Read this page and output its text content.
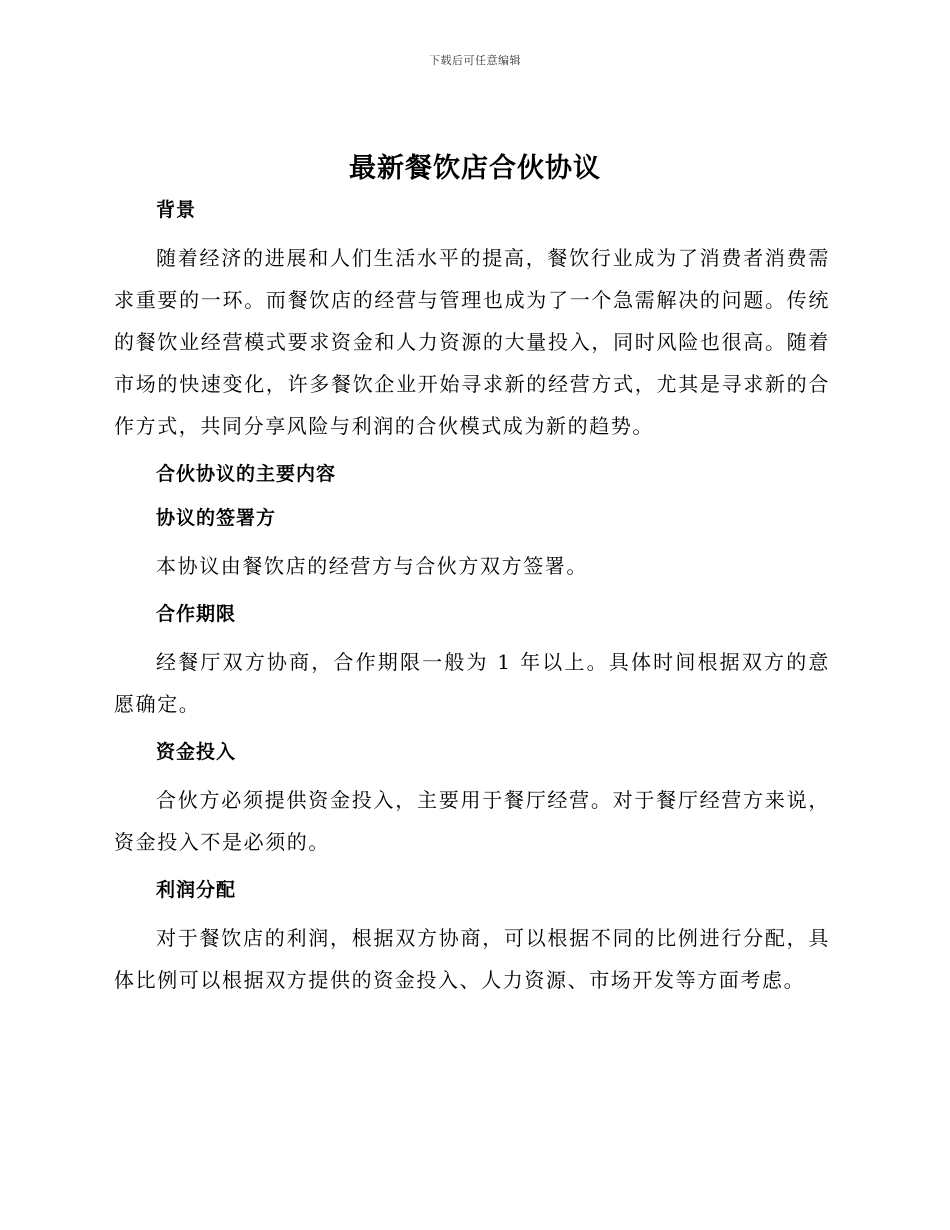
下载后可任意编辑
最新餐饮店合伙协议
背景

随着经济的进展和人们生活水平的提高，餐饮行业成为了消费者消费需求重要的一环。而餐饮店的经营与管理也成为了一个急需解决的问题。传统的餐饮业经营模式要求资金和人力资源的大量投入，同时风险也很高。随着市场的快速变化，许多餐饮企业开始寻求新的经营方式，尤其是寻求新的合作方式，共同分享风险与利润的合伙模式成为新的趋势。

合伙协议的主要内容
协议的签署方

本协议由餐饮店的经营方与合伙方双方签署。

合作期限

经餐厅双方协商，合作期限一般为 1 年以上。具体时间根据双方的意愿确定。

资金投入

合伙方必须提供资金投入，主要用于餐厅经营。对于餐厅经营方来说，资金投入不是必须的。

利润分配

对于餐饮店的利润，根据双方协商，可以根据不同的比例进行分配，具体比例可以根据双方提供的资金投入、人力资源、市场开发等方面考虑。
